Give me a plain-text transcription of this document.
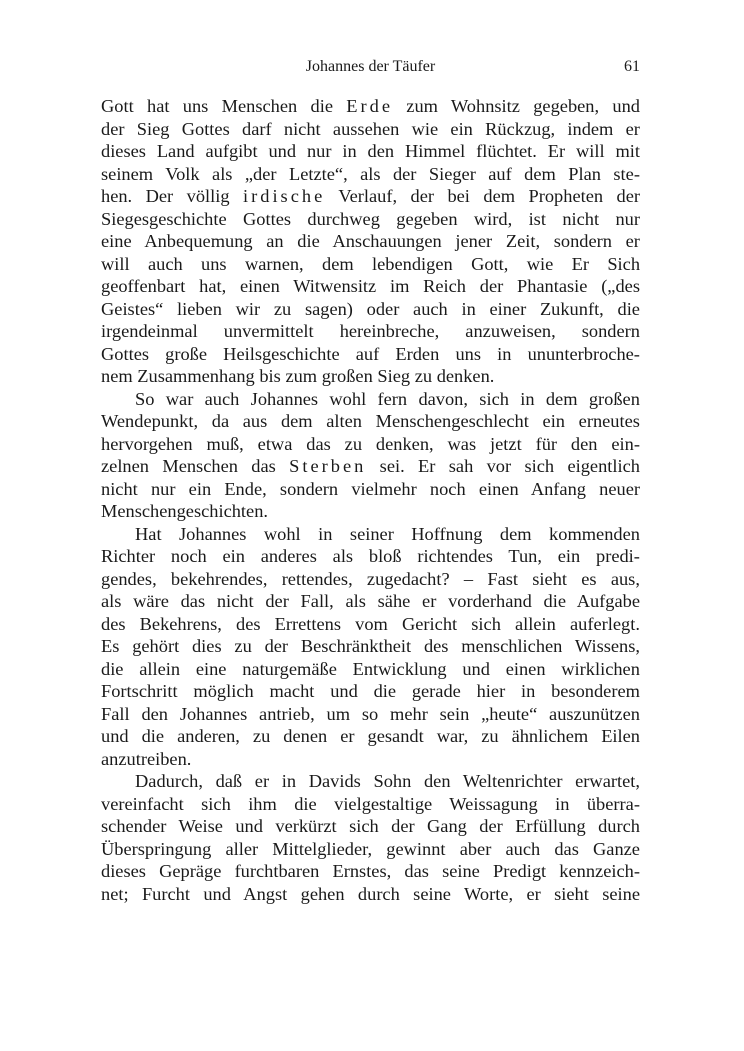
Johannes der Täufer	61
Gott hat uns Menschen die Erde zum Wohnsitz gegeben, und
der Sieg Gottes darf nicht aussehen wie ein Rückzug, indem er
dieses Land aufgibt und nur in den Himmel flüchtet. Er will mit
seinem Volk als „der Letzte“, als der Sieger auf dem Plan ste-
hen. Der völlig irdische Verlauf, der bei dem Propheten der
Siegesgeschichte Gottes durchweg gegeben wird, ist nicht nur
eine Anbequemung an die Anschauungen jener Zeit, sondern er
will auch uns warnen, dem lebendigen Gott, wie Er Sich
geoffenbart hat, einen Witwensitz im Reich der Phantasie („des
Geistes“ lieben wir zu sagen) oder auch in einer Zukunft, die
irgendeinmal unvermittelt hereinbreche, anzuweisen, sondern
Gottes große Heilsgeschichte auf Erden uns in ununterbroche-
nem Zusammenhang bis zum großen Sieg zu denken.
So war auch Johannes wohl fern davon, sich in dem großen
Wendepunkt, da aus dem alten Menschengeschlecht ein erneutes
hervorgehen muß, etwa das zu denken, was jetzt für den ein-
zelnen Menschen das Sterben sei. Er sah vor sich eigentlich
nicht nur ein Ende, sondern vielmehr noch einen Anfang neuer
Menschengeschichten.
Hat Johannes wohl in seiner Hoffnung dem kommenden
Richter noch ein anderes als bloß richtendes Tun, ein predi-
gendes, bekehrendes, rettendes, zugedacht? – Fast sieht es aus,
als wäre das nicht der Fall, als sähe er vorderhand die Aufgabe
des Bekehrens, des Errettens vom Gericht sich allein auferlegt.
Es gehört dies zu der Beschränktheit des menschlichen Wissens,
die allein eine naturgemäße Entwicklung und einen wirklichen
Fortschritt möglich macht und die gerade hier in besonderem
Fall den Johannes antrieb, um so mehr sein „heute“ auszunützen
und die anderen, zu denen er gesandt war, zu ähnlichem Eilen
anzutreiben.
Dadurch, daß er in Davids Sohn den Weltenrichter erwartet,
vereinfacht sich ihm die vielgestaltige Weissagung in überra-
schender Weise und verkürzt sich der Gang der Erfüllung durch
Überspringung aller Mittelglieder, gewinnt aber auch das Ganze
dieses Gepräge furchtbaren Ernstes, das seine Predigt kennzeich-
net; Furcht und Angst gehen durch seine Worte, er sieht seine
